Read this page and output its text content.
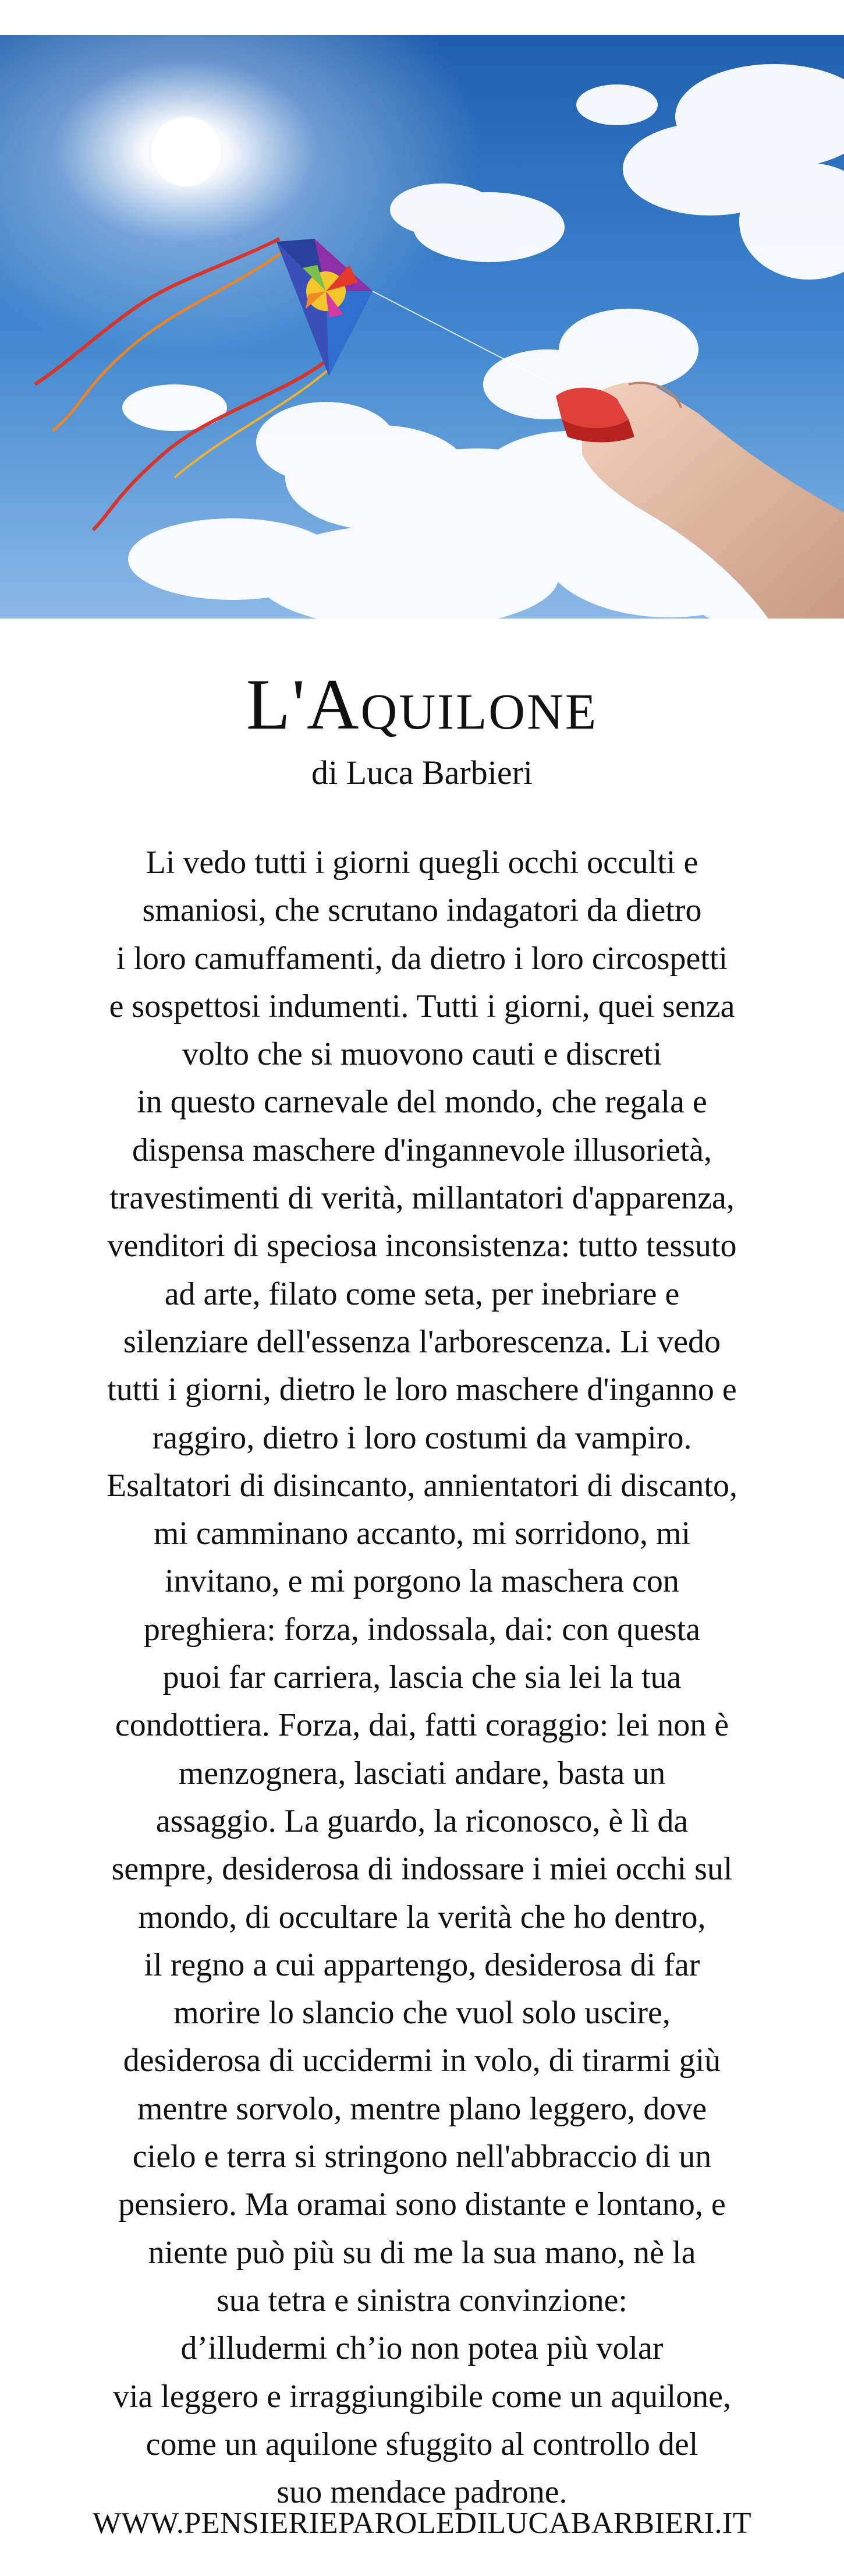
L'Aquilone
di Luca Barbieri
Li vedo tutti i giorni quegli occhi occulti e
smaniosi, che scrutano indagatori da dietro
i loro camuffamenti, da dietro i loro circospetti
e sospettosi indumenti. Tutti i giorni, quei senza
volto che si muovono cauti e discreti
in questo carnevale del mondo, che regala e
dispensa maschere d'ingannevole illusorietà,
travestimenti di verità, millantatori d'apparenza,
venditori di speciosa inconsistenza: tutto tessuto
ad arte, filato come seta, per inebriare e
silenziare dell'essenza l'arborescenza. Li vedo
tutti i giorni, dietro le loro maschere d'inganno e
raggiro, dietro i loro costumi da vampiro.
Esaltatori di disincanto, annientatori di discanto,
mi camminano accanto, mi sorridono, mi
invitano, e mi porgono la maschera con
preghiera: forza, indossala, dai: con questa
puoi far carriera, lascia che sia lei la tua
condottiera. Forza, dai, fatti coraggio: lei non è
menzognera, lasciati andare, basta un
assaggio. La guardo, la riconosco, è lì da
sempre, desiderosa di indossare i miei occhi sul
mondo, di occultare la verità che ho dentro,
il regno a cui appartengo, desiderosa di far
morire lo slancio che vuol solo uscire,
desiderosa di uccidermi in volo, di tirarmi giù
mentre sorvolo, mentre plano leggero, dove
cielo e terra si stringono nell'abbraccio di un
pensiero. Ma oramai sono distante e lontano, e
niente può più su di me la sua mano, nè la
sua tetra e sinistra convinzione:
d’illudermi ch’io non potea più volar
via leggero e irraggiungibile come un aquilone,
come un aquilone sfuggito al controllo del
suo mendace padrone.
WWW.PENSIERIEPAROLEDILUCABARBIERI.IT
